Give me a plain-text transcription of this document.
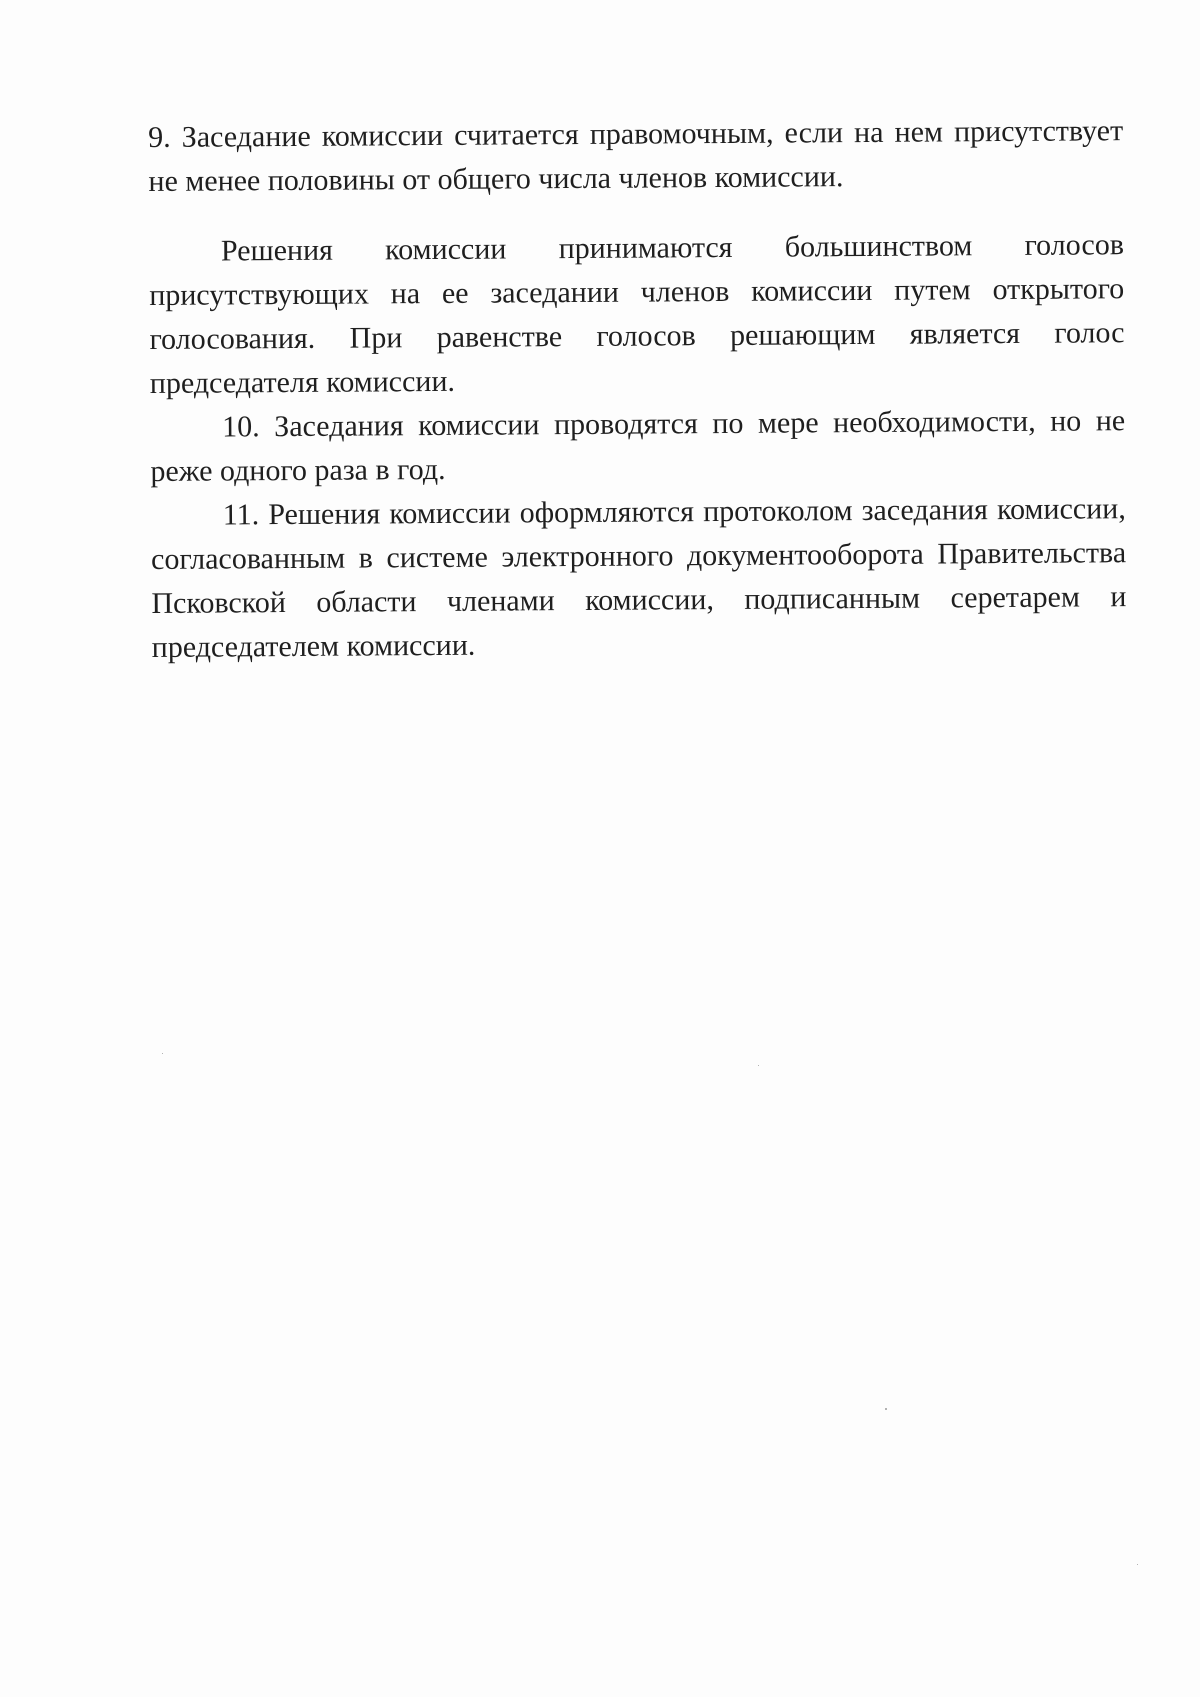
9. Заседание комиссии считается правомочным, если на нем присутствует не менее половины от общего числа членов комиссии.

Решения комиссии принимаются большинством голосов присутствующих на ее заседании членов комиссии путем открытого голосования. При равенстве голосов решающим является голос председателя комиссии.

10. Заседания комиссии проводятся по мере необходимости, но не реже одного раза в год.

11. Решения комиссии оформляются протоколом заседания комиссии, согласованным в системе электронного документооборота Правительства Псковской области членами комиссии, подписанным серетарем и председателем комиссии.
